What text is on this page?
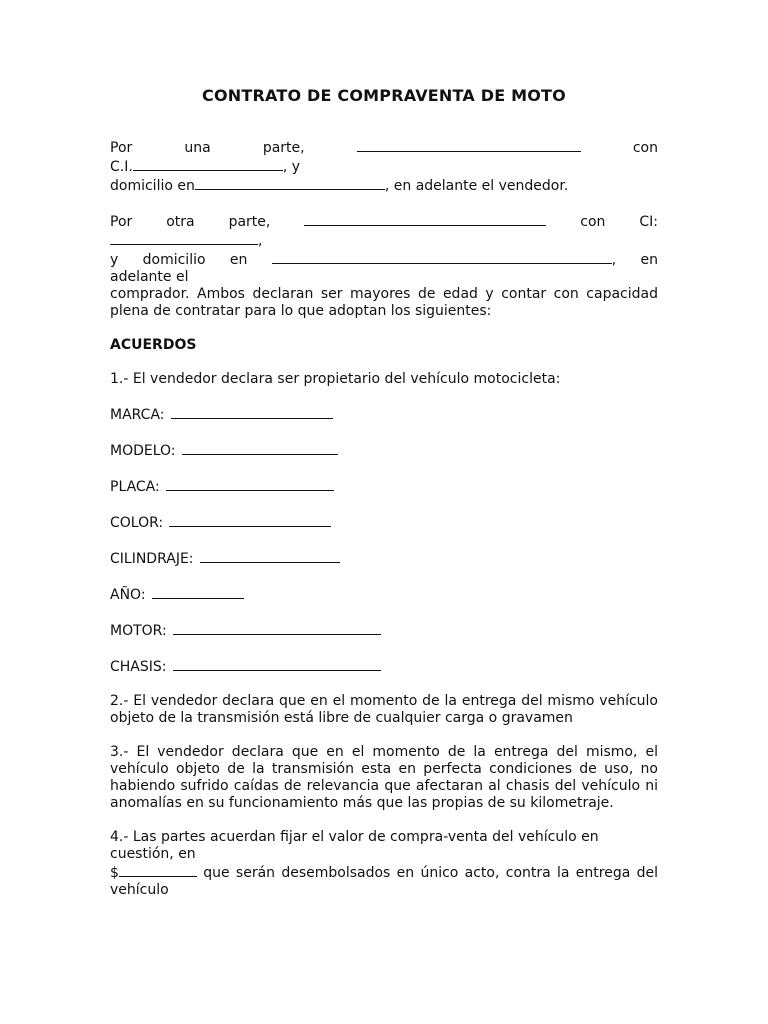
CONTRATO DE COMPRAVENTA DE MOTO
Por	una	parte,	con
C.I.	, y
domicilio en	, en adelante el vendedor.
Por otra parte,	con CI:
,
y domicilio en	, en

adelante el

comprador. Ambos declaran ser mayores de edad y contar con capacidad plena de contratar para lo que adoptan los siguientes:

ACUERDOS

1.- El vendedor declara ser propietario del vehículo motocicleta:

MARCA:
MODELO:
PLACA:
COLOR:
CILINDRAJE:
AÑO:
MOTOR:
CHASIS:

2.- El vendedor declara que en el momento de la entrega del mismo vehículo objeto de la transmisión está libre de cualquier carga o gravamen

3.- El vendedor declara que en el momento de la entrega del mismo, el vehículo objeto de la transmisión esta en perfecta condiciones de uso, no habiendo sufrido caídas de relevancia que afectaran al chasis del vehículo ni anomalías en su funcionamiento más que las propias de su kilometraje.

4.- Las partes acuerdan fijar el valor de compra-venta del vehículo en cuestión, en

$	que serán desembolsados en único acto, contra la entrega del vehículo
